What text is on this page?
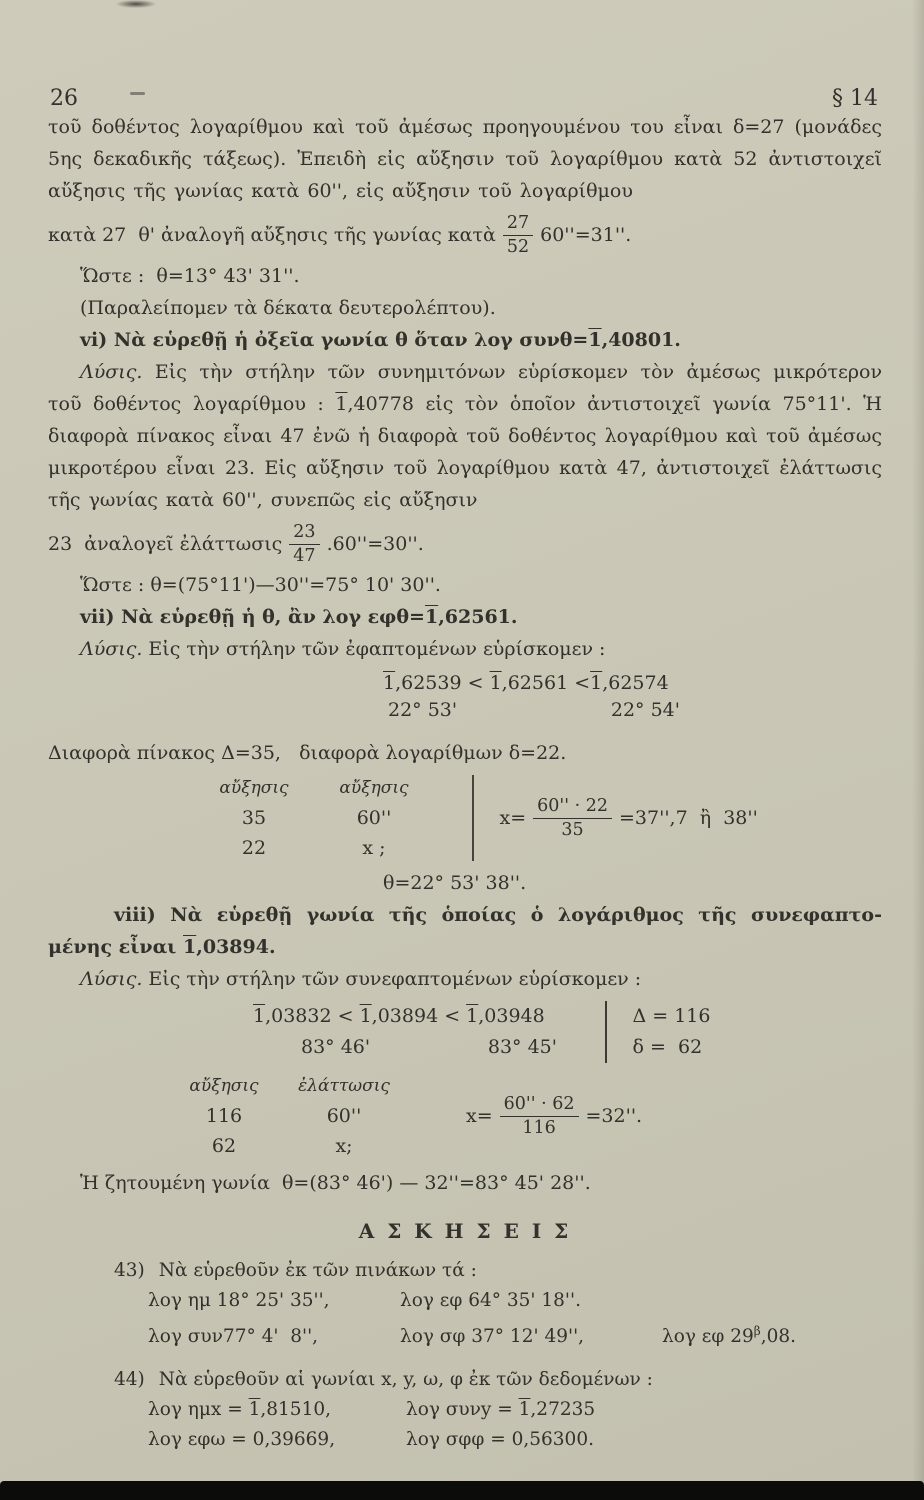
26	§ 14

τοῦ δοθέντος λογαρίθμου καὶ τοῦ ἀμέσως προηγουμένου του εἶναι δ=27 (μονάδες 5ης δεκαδικῆς τάξεως). Ἐπειδὴ εἰς αὔξησιν τοῦ λογαρίθμου κατὰ 52 ἀντιστοιχεῖ αὔξησις τῆς γωνίας κατὰ 60'', εἰς αὔξησιν τοῦ λογαρίθμου

κατὰ 27  θ' ἀναλογῆ αὔξησις τῆς γωνίας κατὰ $\frac{27}{52} 60''=31''$.

Ὥστε :  θ=13° 43' 31''.

(Παραλείπομεν τὰ δέκατα δευτερολέπτου).

vi) Νὰ εὑρεθῇ ἡ ὀξεῖα γωνία θ ὅταν λογ συνθ=1,40801.

Λύσις. Εἰς τὴν στήλην τῶν συνημιτόνων εὑρίσκομεν τὸν ἀμέσως μικρότερον τοῦ δοθέντος λογαρίθμου : 1,40778 εἰς τὸν ὁποῖον ἀντιστοιχεῖ γωνία 75°11'. Ἡ διαφορὰ πίνακος εἶναι 47 ἐνῶ ἡ διαφορὰ τοῦ δοθέντος λογαρίθμου καὶ τοῦ ἀμέσως μικροτέρου εἶναι 23. Εἰς αὔξησιν τοῦ λογαρίθμου κατὰ 47, ἀντιστοιχεῖ ἐλάττωσις τῆς γωνίας κατὰ 60'', συνεπῶς εἰς αὔξησιν

23  ἀναλογεῖ ἐλάττωσις $\frac{23}{47} .60''=30''$.

Ὥστε : θ=(75°11')—30''=75° 10' 30''.

vii) Νὰ εὑρεθῇ ἡ θ, ἂν λογ εφθ=1,62561.

Λύσις. Εἰς τὴν στήλην τῶν ἐφαπτομένων εὑρίσκομεν :

1,62539 < 1,62561 <1,62574
22° 53'	22° 54'

Διαφορὰ πίνακος Δ=35,   διαφορὰ λογαρίθμων δ=22.

αὔξησις	αὔξησις
35	60''
22	x ;
$x= \frac{60'' \cdot 22}{35} =37'',7$  ἢ  38''

θ=22° 53' 38''.

viii) Νὰ εὑρεθῇ γωνία τῆς ὁποίας ὁ λογάριθμος τῆς συνεφαπτο-

μένης εἶναι 1,03894.

Λύσις. Εἰς τὴν στήλην τῶν συνεφαπτομένων εὑρίσκομεν :

1,03832 < 1,03894 < 1,03948
83° 46'	83° 45'
Δ = 116
δ =  62
αὔξησις	ἐλάττωσις
116	60''
62	x;
$x= \frac{60'' \cdot 62}{116} =32''$.

Ἡ ζητουμένη γωνία  θ=(83° 46') — 32''=83° 45' 28''.

Α Σ Κ Η Σ Ε Ι Σ

43) Νὰ εὑρεθοῦν ἐκ τῶν πινάκων τά :

λογ ημ 18° 25' 35'',	λογ εφ 64° 35' 18''.
λογ συν77° 4'  8'',	λογ σφ 37° 12' 49'',	λογ εφ $29^\beta,08$.

44) Νὰ εὑρεθοῦν αἱ γωνίαι x, y, ω, φ ἐκ τῶν δεδομένων :

λογ ημx = 1,81510,	λογ συνy = 1,27235
λογ εφω = 0,39669,	λογ σφφ = 0,56300.
